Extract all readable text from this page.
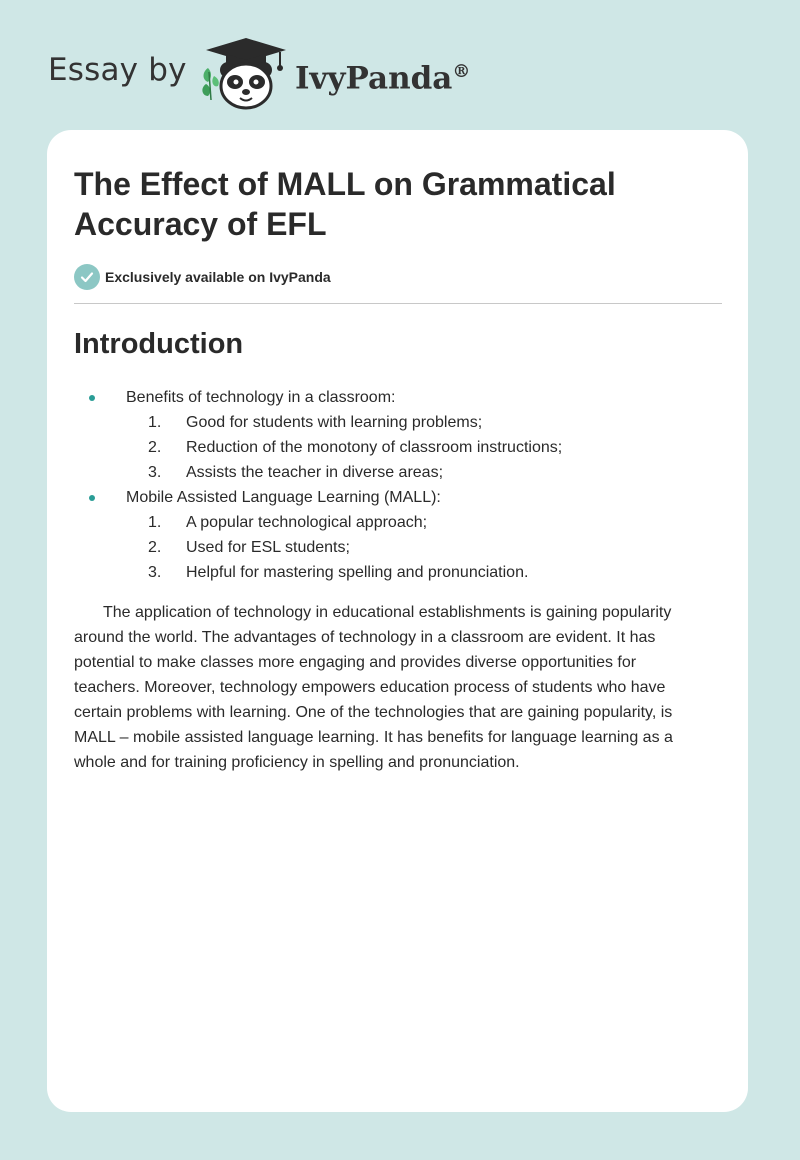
Essay by	IvyPanda®
The Effect of MALL on Grammatical Accuracy of EFL
Exclusively available on IvyPanda
Introduction
Benefits of technology in a classroom:
1. Good for students with learning problems;
2. Reduction of the monotony of classroom instructions;
3. Assists the teacher in diverse areas;
Mobile Assisted Language Learning (MALL):
1. A popular technological approach;
2. Used for ESL students;
3. Helpful for mastering spelling and pronunciation.

The application of technology in educational establishments is gaining popularity around the world. The advantages of technology in a classroom are evident. It has potential to make classes more engaging and provides diverse opportunities for teachers. Moreover, technology empowers education process of students who have certain problems with learning. One of the technologies that are gaining popularity, is MALL – mobile assisted language learning. It has benefits for language learning as a whole and for training proficiency in spelling and pronunciation.
